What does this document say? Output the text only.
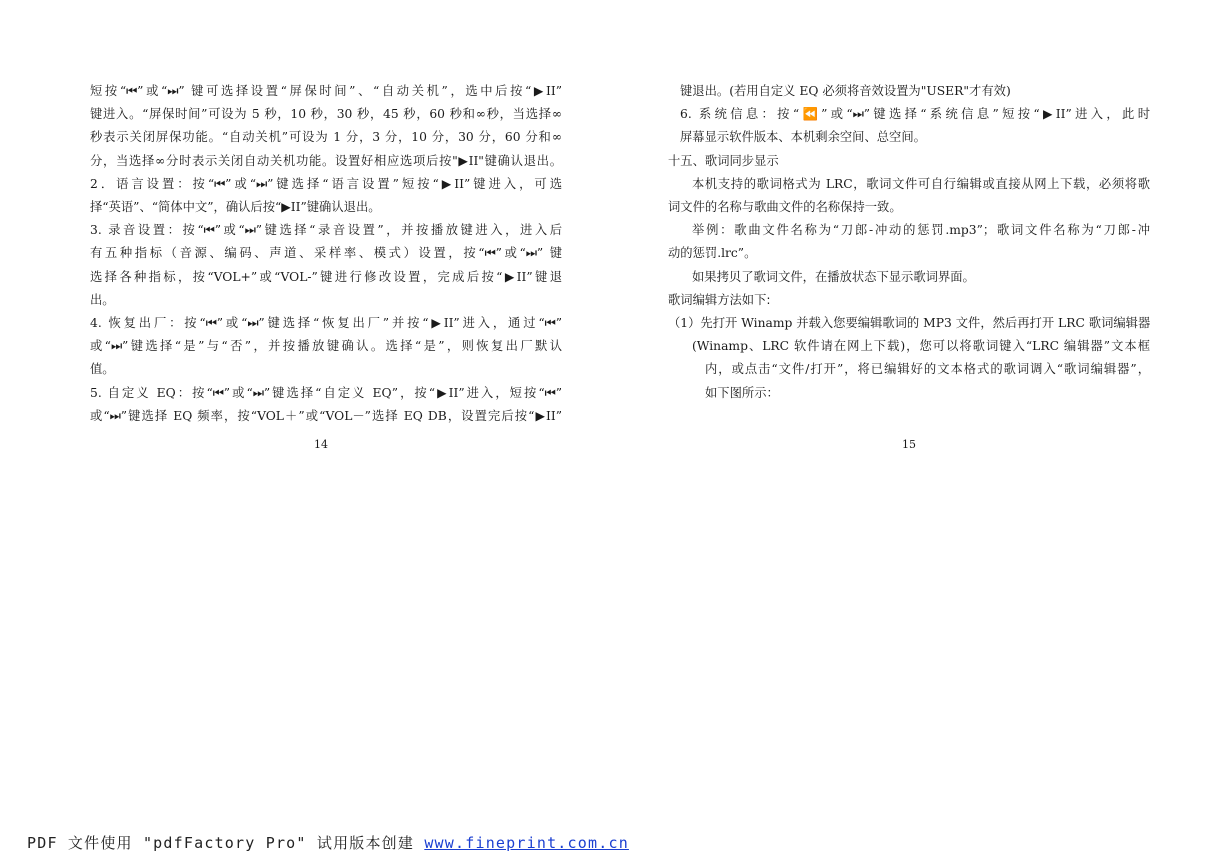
短按“⏮”或“⏭” 键可选择设置“屏保时间”、“自动关机”，选中后按“▶II”
键进入。“屏保时间”可设为 5 秒，10 秒，30 秒，45 秒，60 秒和∞秒，当选择∞
秒表示关闭屏保功能。“自动关机”可设为 1 分，3 分，10 分，30 分，60 分和∞
分，当选择∞分时表示关闭自动关机功能。设置好相应选项后按"▶II"键确认退出。
2．语言设置：按“⏮”或“⏭”键选择“语言设置”短按“▶II”键进入，可选
择“英语”、“简体中文”，确认后按“▶II”键确认退出。
3. 录音设置：按“⏮”或“⏭”键选择“录音设置”，并按播放键进入，进入后
有五种指标（音源、编码、声道、采样率、模式）设置，按“⏮”或“⏭” 键
选择各种指标，按“VOL+”或“VOL-”键进行修改设置，完成后按“▶II”键退
出。
4. 恢复出厂：按“⏮”或“⏭”键选择“恢复出厂”并按“▶II”进入，通过“⏮”
或“⏭”键选择“是”与“否”，并按播放键确认。选择“是”，则恢复出厂默认
值。
5. 自定义 EQ：按“⏮”或“⏭”键选择“自定义 EQ”，按“▶II”进入，短按“⏮”
或“⏭”键选择 EQ 频率，按“VOL＋”或“VOL－”选择 EQ DB，设置完后按“▶II”
14
键退出。(若用自定义 EQ 必须将音效设置为"USER"才有效)
6. 系统信息：按“⏪”或“⏭”键选择“系统信息”短按“▶II”进入，此时
屏幕显示软件版本、本机剩余空间、总空间。
十五、歌词同步显示
本机支持的歌词格式为 LRC，歌词文件可自行编辑或直接从网上下载，必须将歌
词文件的名称与歌曲文件的名称保持一致。
举例：歌曲文件名称为“刀郎-冲动的惩罚.mp3”；歌词文件名称为“刀郎-冲
动的惩罚.lrc”。
如果拷贝了歌词文件，在播放状态下显示歌词界面。
歌词编辑方法如下:
（1）先打开 Winamp 并载入您要编辑歌词的 MP3 文件，然后再打开 LRC 歌词编辑器
(Winamp、LRC 软件请在网上下载)，您可以将歌词键入“LRC 编辑器”文本框
内，或点击“文件/打开”，将已编辑好的文本格式的歌词调入“歌词编辑器”，
如下图所示：
15
PDF 文件使用 "pdfFactory Pro" 试用版本创建 www.fineprint.com.cn
